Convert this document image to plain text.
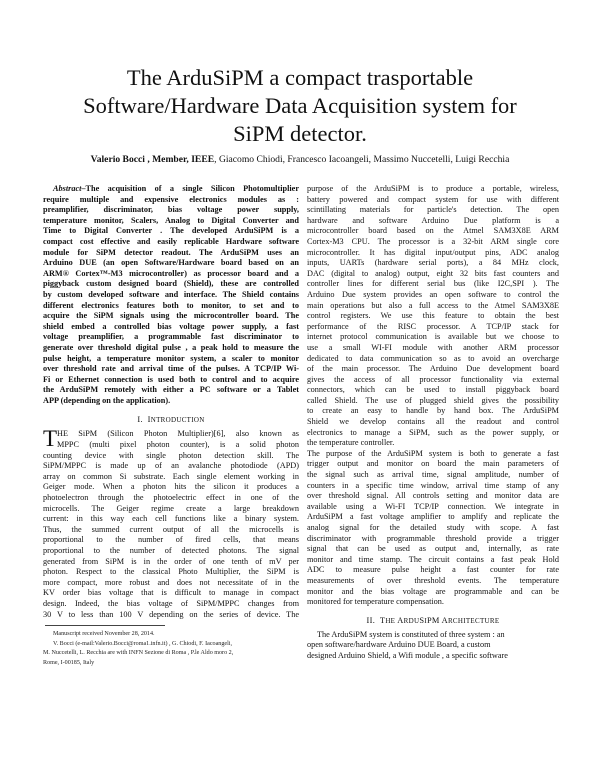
The ArduSiPM a compact trasportable
Software/Hardware Data Acquisition system for
SiPM detector.
Valerio Bocci , Member, IEEE, Giacomo Chiodi, Francesco Iacoangeli, Massimo Nuccetelli, Luigi Recchia
Abstract–The acquisition of a single Silicon Photomultiplier
require multiple and expensive electronics modules as :
preamplifier, discriminator, bias voltage power supply,
temperature monitor, Scalers, Analog to Digital Converter and
Time to Digital Converter . The developed ArduSiPM is a
compact cost effective and easily replicable Hardware software
module for SiPM detector readout. The ArduSiPM uses an
Arduino DUE (an open Software/Hardware board based on an
ARM® Cortex™-M3 microcontroller) as processor board and a
piggyback custom designed board (Shield), these are controlled
by custom developed software and interface. The Shield contains
different electronics features both to monitor, to set and to
acquire the SiPM signals using the microcontroller board. The
shield embed a controlled bias voltage power supply, a fast
voltage preamplifier, a programmable fast discriminator to
generate over threshold digital pulse , a peak hold to measure the
pulse height, a temperature monitor system, a scaler to monitor
over threshold rate and arrival time of the pulses. A TCP/IP Wi-
Fi or Ethernet connection is used both to control and to acquire
the ArduSiPM remotely with either a PC software or a Tablet
APP (depending on the application).
I. INTRODUCTION
T HE SiPM (Silicon Photon Multiplier)[6], also known as
MPPC (multi pixel photon counter), is a solid photon
counting device with single photon detection skill. The
SiPM/MPPC is made up of an avalanche photodiode (APD)
array on common Si substrate. Each single element working in
Geiger mode. When a photon hits the silicon it produces a
photoelectron through the photoelectric effect in one of the
microcells. The Geiger regime create a large breakdown
current: in this way each cell functions like a binary system.
Thus, the summed current output of all the microcells is
proportional to the number of fired cells, that means
proportional to the number of detected photons. The signal
generated from SiPM is in the order of one tenth of mV per
photon. Respect to the classical Photo Multiplier, the SiPM is
more compact, more robust and does not necessitate of in the
KV order bias voltage that is difficult to manage in compact
design. Indeed, the bias voltage of SiPM/MPPC changes from
30 V to less than 100 V depending on the series of device. The
Manuscript received November 28, 2014.
V. Bocci (e-mail:Valerio.Bocci@roma1.infn.it) , G. Chiodi, F. Iacoangeli,
M. Nuccetelli, L. Recchia are with INFN Sezione di Roma , P.le Aldo moro 2,
Rome, I-00185, Italy
purpose of the ArduSiPM is to produce a portable, wireless,
battery powered and compact system for use with different
scintillating materials for particle's detection. The open
hardware and software Arduino Due platform is a
microcontroller board based on the Atmel SAM3X8E ARM
Cortex-M3 CPU. The processor is a 32-bit ARM single core
microcontroller. It has digital input/output pins, ADC analog
inputs, UARTs (hardware serial ports), a 84 MHz clock,
DAC (digital to analog) output, eight 32 bits fast counters and
controller lines for different serial bus (like I2C,SPI ). The
Arduino Due system provides an open software to control the
main operations but also a full access to the Atmel SAM3X8E
control registers. We use this feature to obtain the best
performance of the RISC processor. A TCP/IP stack for
internet protocol communication is available but we choose to
use a small WI-FI module with another ARM processor
dedicated to data communication so as to avoid an overcharge
of the main processor. The Arduino Due development board
gives the access of all processor functionality via external
connectors, which can be used to install piggyback board
called Shield. The use of plugged shield gives the possibility
to create an easy to handle by hand box. The ArduSiPM
Shield we develop contains all the readout and control
electronics to manage a SiPM, such as the power supply, or
the temperature controller.
The purpose of the ArduSiPM system is both to generate a fast
trigger output and monitor on board the main parameters of
the signal such as arrival time, signal amplitude, number of
counters in a specific time window, arrival time stamp of any
over threshold signal. All controls setting and monitor data are
available using a Wi-FI TCP/IP connection. We integrate in
ArduSiPM a fast voltage amplifier to amplify and replicate the
analog signal for the detailed study with scope. A fast
discriminator with programmable threshold provide a trigger
signal that can be used as output and, internally, as rate
monitor and time stamp. The circuit contains a fast peak Hold
ADC to measure pulse height a fast counter for rate
measurements of over threshold events. The temperature
monitor and the bias voltage are programmable and can be
monitored for temperature compensation.
II. THE ARDUSIPM ARCHITECTURE
The ArduSiPM system is constituted of three system : an
open software/hardware Arduino DUE Board, a custom
designed Arduino Shield, a Wifi module , a specific software
